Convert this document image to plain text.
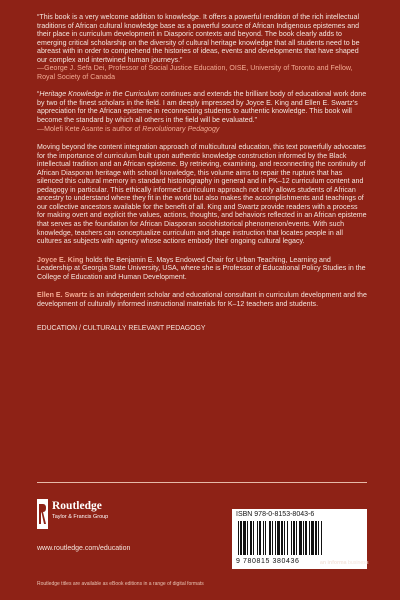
“This book is a very welcome addition to knowledge. It offers a powerful rendition of the rich intellectual traditions of African cultural knowledge base as a powerful source of African Indigenous epistemes and their place in curriculum development in Diasporic contexts and beyond. The book clearly adds to emerging critical scholarship on the diversity of cultural heritage knowledge that all students need to be abreast with in order to comprehend the histories of ideas, events and developments that have shaped our complex and intertwined human journeys.”
—George J. Sefa Dei, Professor of Social Justice Education, OISE, University of Toronto and Fellow, Royal Society of Canada

“Heritage Knowledge in the Curriculum continues and extends the brilliant body of educational work done by two of the finest scholars in the field. I am deeply impressed by Joyce E. King and Ellen E. Swartz’s appreciation for the African episteme in reconnecting students to authentic knowledge. This book will become the standard by which all others in the field will be evaluated.”
—Molefi Kete Asante is author of Revolutionary Pedagogy

Moving beyond the content integration approach of multicultural education, this text powerfully advocates for the importance of curriculum built upon authentic knowledge construction informed by the Black intellectual tradition and an African episteme. By retrieving, examining, and reconnecting the continuity of African Diasporan heritage with school knowledge, this volume aims to repair the rupture that has silenced this cultural memory in standard historiography in general and in PK–12 curriculum content and pedagogy in particular. This ethically informed curriculum approach not only allows students of African ancestry to understand where they fit in the world but also makes the accomplishments and teachings of our collective ancestors available for the benefit of all. King and Swartz provide readers with a process for making overt and explicit the values, actions, thoughts, and behaviors reflected in an African episteme that serves as the foundation for African Diasporan sociohistorical phenomenon/events. With such knowledge, teachers can conceptualize curriculum and shape instruction that locates people in all cultures as subjects with agency whose actions embody their ongoing cultural legacy.

Joyce E. King holds the Benjamin E. Mays Endowed Chair for Urban Teaching, Learning and Leadership at Georgia State University, USA, where she is Professor of Educational Policy Studies in the College of Education and Human Development.

Ellen E. Swartz is an independent scholar and educational consultant in curriculum development and the development of culturally informed instructional materials for K–12 teachers and students.

EDUCATION / CULTURALLY RELEVANT PEDAGOGY

Routledge
Taylor & Francis Group
www.routledge.com/education
ISBN 978-0-8153-8043-6
9 780815 380436	an informa business
Routledge titles are available as eBook editions in a range of digital formats
